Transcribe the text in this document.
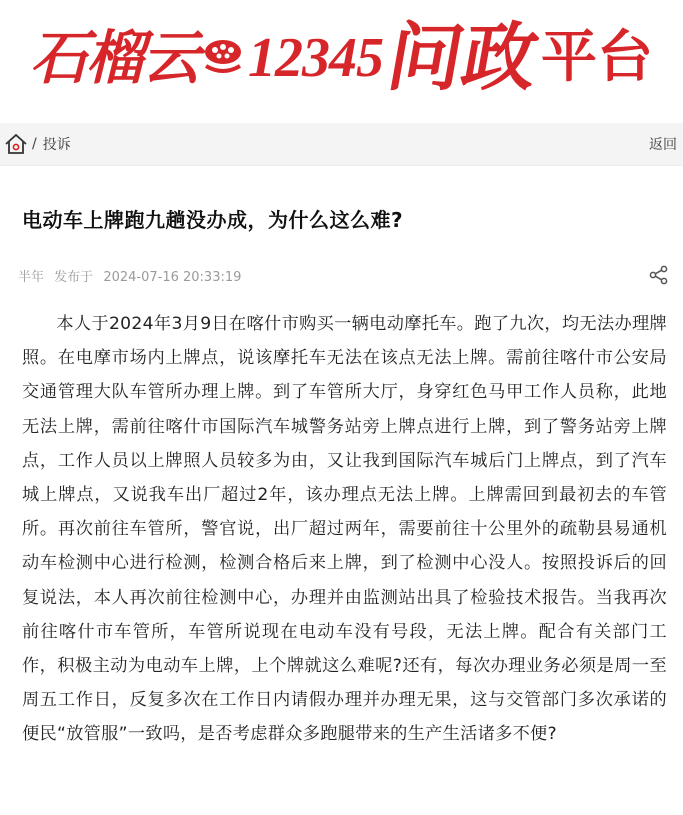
石榴云 12345
问政
平台
/ 投诉	返回
电动车上牌跑九趟没办成，为什么这么难?
半年 发布于 2024-07-16 20:33:19
本人于2024年3月9日在喀什市购买一辆电动摩托车。跑了九次，均无法办理牌照。在电摩市场内上牌点，说该摩托车无法在该点无法上牌。需前往喀什市公安局交通管理大队车管所办理上牌。到了车管所大厅，身穿红色马甲工作人员称，此地无法上牌，需前往喀什市国际汽车城警务站旁上牌点进行上牌，到了警务站旁上牌点，工作人员以上牌照人员较多为由，又让我到国际汽车城后门上牌点，到了汽车城上牌点，又说我车出厂超过2年，该办理点无法上牌。上牌需回到最初去的车管所。再次前往车管所，警官说，出厂超过两年，需要前往十公里外的疏勒县易通机动车检测中心进行检测，检测合格后来上牌，到了检测中心没人。按照投诉后的回复说法，本人再次前往检测中心，办理并由监测站出具了检验技术报告。当我再次前往喀什市车管所，车管所说现在电动车没有号段，无法上牌。配合有关部门工作，积极主动为电动车上牌，上个牌就这么难呢?还有，每次办理业务必须是周一至周五工作日，反复多次在工作日内请假办理并办理无果，这与交管部门多次承诺的便民“放管服”一致吗，是否考虑群众多跑腿带来的生产生活诸多不便?
